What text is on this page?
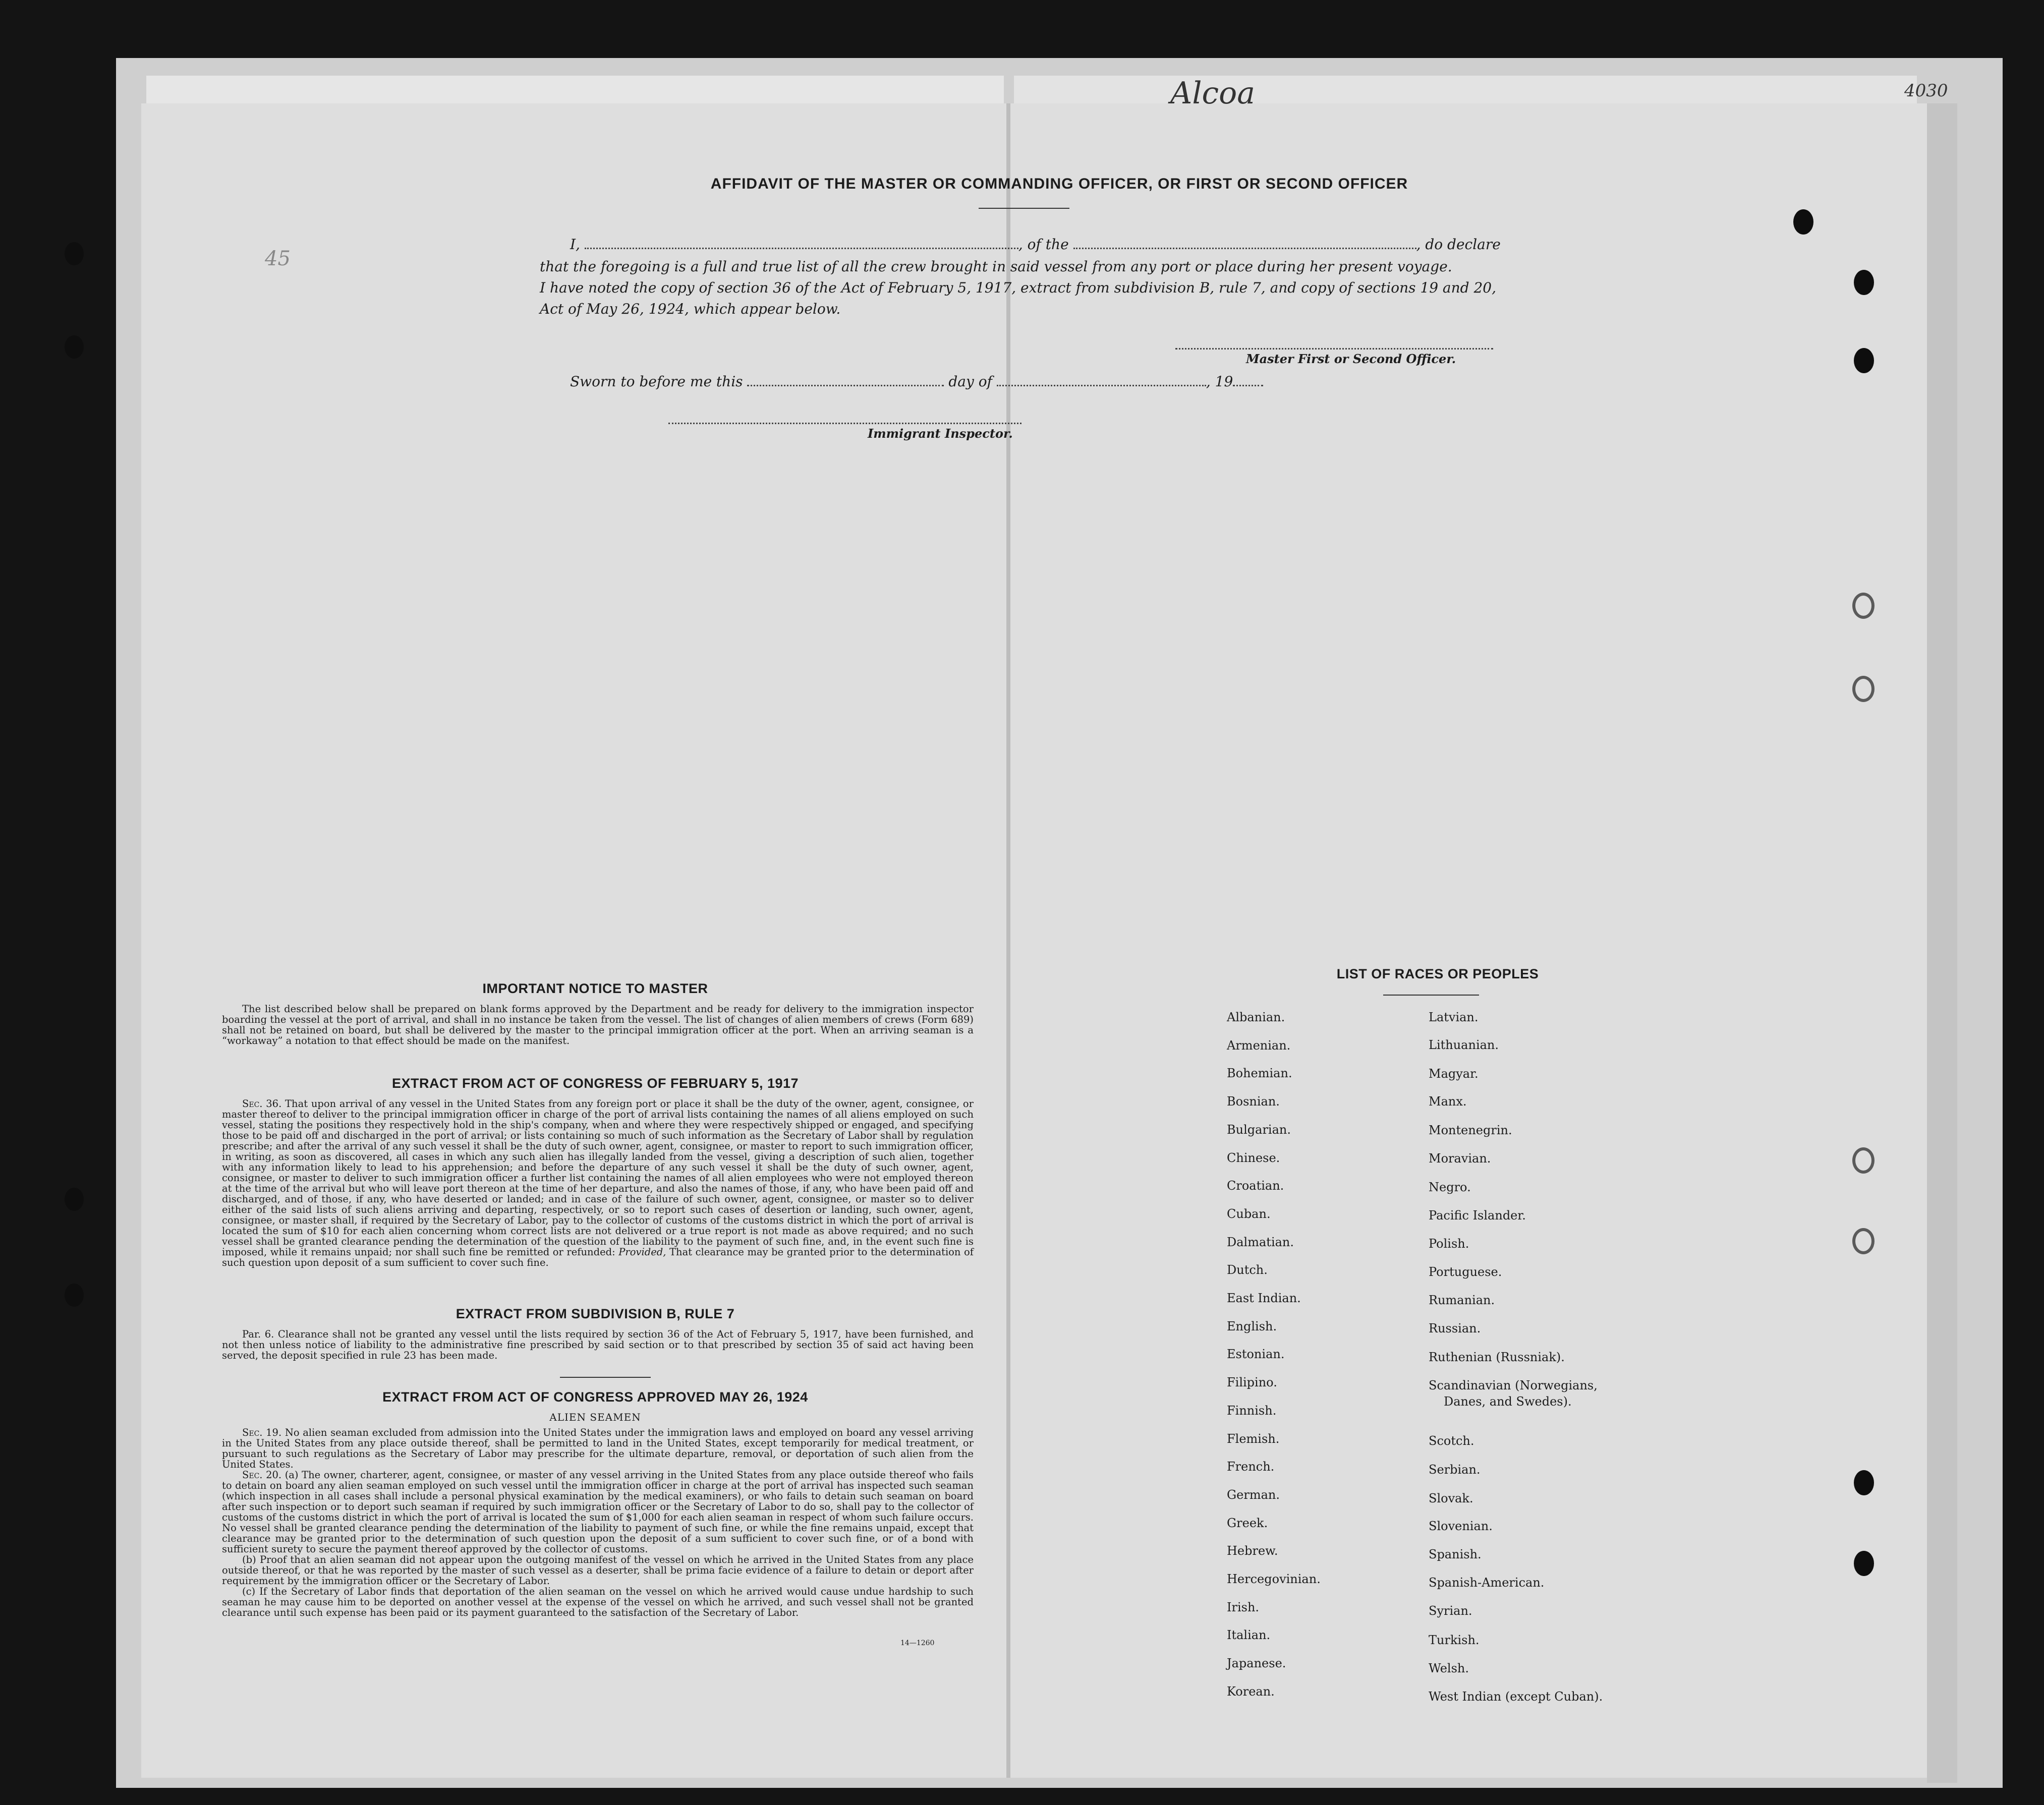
Alcoa	4030
45
AFFIDAVIT OF THE MASTER OR COMMANDING OFFICER, OR FIRST OR SECOND OFFICER
I,	, of the	, do declare
that the foregoing is a full and true list of all the crew brought in said vessel from any port or place during her present voyage.
I have noted the copy of section 36 of the Act of February 5, 1917, extract from subdivision B, rule 7, and copy of sections 19 and 20,
Act of May 26, 1924, which appear below.
Master First or Second Officer.
Sworn to before me this	day of	, 19
Immigrant Inspector.
IMPORTANT NOTICE TO MASTER
The list described below shall be prepared on blank forms approved by the Department and be ready for delivery to the immigration inspector boarding the vessel at the port of arrival, and shall in no instance be taken from the vessel. The list of changes of alien members of crews (Form 689) shall not be retained on board, but shall be delivered by the master to the principal immigration officer at the port. When an arriving seaman is a “workaway” a notation to that effect should be made on the manifest.
EXTRACT FROM ACT OF CONGRESS OF FEBRUARY 5, 1917
Sec. 36. That upon arrival of any vessel in the United States from any foreign port or place it shall be the duty of the owner, agent, consignee, or master thereof to deliver to the principal immigration officer in charge of the port of arrival lists containing the names of all aliens employed on such vessel, stating the positions they respectively hold in the ship's company, when and where they were respectively shipped or engaged, and specifying those to be paid off and discharged in the port of arrival; or lists containing so much of such information as the Secretary of Labor shall by regulation prescribe; and after the arrival of any such vessel it shall be the duty of such owner, agent, consignee, or master to report to such immigration officer, in writing, as soon as discovered, all cases in which any such alien has illegally landed from the vessel, giving a description of such alien, together with any information likely to lead to his apprehension; and before the departure of any such vessel it shall be the duty of such owner, agent, consignee, or master to deliver to such immigration officer a further list containing the names of all alien employees who were not employed thereon at the time of the arrival but who will leave port thereon at the time of her departure, and also the names of those, if any, who have been paid off and discharged, and of those, if any, who have deserted or landed; and in case of the failure of such owner, agent, consignee, or master so to deliver either of the said lists of such aliens arriving and departing, respectively, or so to report such cases of desertion or landing, such owner, agent, consignee, or master shall, if required by the Secretary of Labor, pay to the collector of customs of the customs district in which the port of arrival is located the sum of $10 for each alien concerning whom correct lists are not delivered or a true report is not made as above required; and no such vessel shall be granted clearance pending the determination of the question of the liability to the payment of such fine, and, in the event such fine is imposed, while it remains unpaid; nor shall such fine be remitted or refunded: Provided, That clearance may be granted prior to the determination of such question upon deposit of a sum sufficient to cover such fine.
EXTRACT FROM SUBDIVISION B, RULE 7
Par. 6. Clearance shall not be granted any vessel until the lists required by section 36 of the Act of February 5, 1917, have been furnished, and not then unless notice of liability to the administrative fine prescribed by said section or to that prescribed by section 35 of said act having been served, the deposit specified in rule 23 has been made.
EXTRACT FROM ACT OF CONGRESS APPROVED MAY 26, 1924
ALIEN SEAMEN
Sec. 19. No alien seaman excluded from admission into the United States under the immigration laws and employed on board any vessel arriving in the United States from any place outside thereof, shall be permitted to land in the United States, except temporarily for medical treatment, or pursuant to such regulations as the Secretary of Labor may prescribe for the ultimate departure, removal, or deportation of such alien from the United States.
Sec. 20. (a) The owner, charterer, agent, consignee, or master of any vessel arriving in the United States from any place outside thereof who fails to detain on board any alien seaman employed on such vessel until the immigration officer in charge at the port of arrival has inspected such seaman (which inspection in all cases shall include a personal physical examination by the medical examiners), or who fails to detain such seaman on board after such inspection or to deport such seaman if required by such immigration officer or the Secretary of Labor to do so, shall pay to the collector of customs of the customs district in which the port of arrival is located the sum of $1,000 for each alien seaman in respect of whom such failure occurs. No vessel shall be granted clearance pending the determination of the liability to payment of such fine, or while the fine remains unpaid, except that clearance may be granted prior to the determination of such question upon the deposit of a sum sufficient to cover such fine, or of a bond with sufficient surety to secure the payment thereof approved by the collector of customs.
(b) Proof that an alien seaman did not appear upon the outgoing manifest of the vessel on which he arrived in the United States from any place outside thereof, or that he was reported by the master of such vessel as a deserter, shall be prima facie evidence of a failure to detain or deport after requirement by the immigration officer or the Secretary of Labor.
(c) If the Secretary of Labor finds that deportation of the alien seaman on the vessel on which he arrived would cause undue hardship to such seaman he may cause him to be deported on another vessel at the expense of the vessel on which he arrived, and such vessel shall not be granted clearance until such expense has been paid or its payment guaranteed to the satisfaction of the Secretary of Labor.
14—1260
LIST OF RACES OR PEOPLES
Albanian.
Armenian.
Bohemian.
Bosnian.
Bulgarian.
Chinese.
Croatian.
Cuban.
Dalmatian.
Dutch.
East Indian.
English.
Estonian.
Filipino.
Finnish.
Flemish.
French.
German.
Greek.
Hebrew.
Hercegovinian.
Irish.
Italian.
Japanese.
Korean.
Latvian.
Lithuanian.
Magyar.
Manx.
Montenegrin.
Moravian.
Negro.
Pacific Islander.
Polish.
Portuguese.
Rumanian.
Russian.
Ruthenian (Russniak).
Scandinavian (Norwegians,
Danes, and Swedes).
Scotch.
Serbian.
Slovak.
Slovenian.
Spanish.
Spanish-American.
Syrian.
Turkish.
Welsh.
West Indian (except Cuban).
